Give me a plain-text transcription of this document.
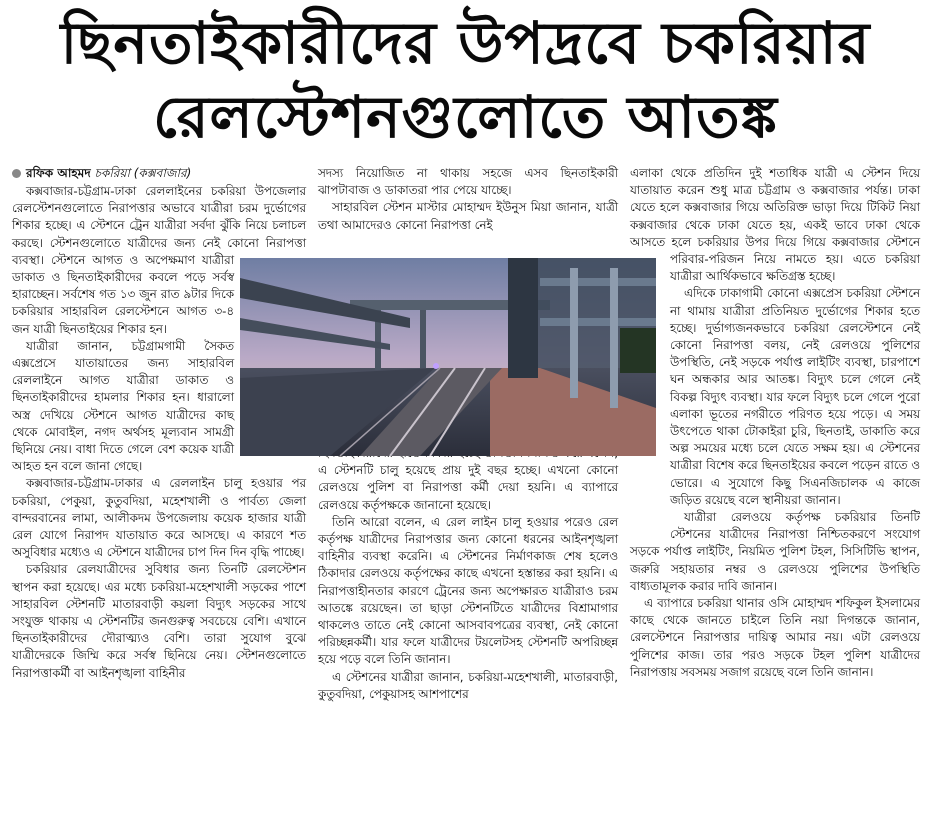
ছিনতাইকারীদের উপদ্রবে চকরিয়ার
রেলস্টেশনগুলোতে আতঙ্ক
রফিক আহমদ চকরিয়া (কক্সবাজার)

কক্সবাজার-চট্টগ্রাম-ঢাকা রেললাইনের চকরিয়া উপজেলার রেলস্টেশনগুলোতে নিরাপত্তার অভাবে যাত্রীরা চরম দুর্ভোগের শিকার হচ্ছে। এ স্টেশনে ট্রেন যাত্রীরা সর্বদা ঝুঁকি নিয়ে চলাচল করছে। স্টেশনগুলোতে যাত্রীদের জন্য নেই কোনো নিরাপত্তা ব্যবস্থা। স্টেশনে আগত ও অপেক্ষমাণ যাত্রীরা ডাকাত ও ছিনতাইকারীদের কবলে পড়ে সর্বস্ব হারাচ্ছেন। সর্বশেষ গত ১৩ জুন রাত ৯টার দিকে চকরিয়ার সাহারবিল রেলস্টেশনে আগত ৩-৪ জন যাত্রী ছিনতাইয়ের শিকার হন।

যাত্রীরা জানান, চট্টগ্রামগামী সৈকত এক্সপ্রেসে যাতায়াতের জন্য সাহারবিল রেললাইনে আগত যাত্রীরা ডাকাত ও ছিনতাইকারীদের হামলার শিকার হন। ধারালো অস্ত্র দেখিয়ে স্টেশনে আগত যাত্রীদের কাছ থেকে মোবাইল, নগদ অর্থসহ মূল্যবান সামগ্রী ছিনিয়ে নেয়। বাধা দিতে গেলে বেশ কয়েক যাত্রী আহত হন বলে জানা গেছে।

কক্সবাজার-চট্টগ্রাম-ঢাকার এ রেললাইন চালু হওয়ার পর চকরিয়া, পেকুয়া, কুতুবদিয়া, মহেশখালী ও পার্বত্য জেলা বান্দরবানের লামা, আলীকদম উপজেলায় কয়েক হাজার যাত্রী রেল যোগে নিরাপদ যাতায়াত করে আসছে। এ কারণে শত অসুবিধার মধ্যেও এ স্টেশনে যাত্রীদের চাপ দিন দিন বৃদ্ধি পাচ্ছে।

চকরিয়ার রেলযাত্রীদের সুবিধার জন্য তিনটি রেলস্টেশন স্থাপন করা হয়েছে। এর মধ্যে চকরিয়া-মহেশখালী সড়কের পাশে সাহারবিল স্টেশনটি মাতারবাড়ী কয়লা বিদ্যুৎ সড়কের সাথে সংযুক্ত থাকায় এ স্টেশনটির জনগুরুত্ব সবচেয়ে বেশি। এখানে ছিনতাইকারীদের দৌরাত্ম্যও বেশি। তারা সুযোগ বুঝে যাত্রীদেরকে জিম্মি করে সর্বস্ব ছিনিয়ে নেয়। স্টেশনগুলোতে নিরাপত্তাকর্মী বা আইনশৃঙ্খলা বাহিনীর

সদস্য নিয়োজিত না থাকায় সহজে এসব ছিনতাইকারী ঝাপটাবাজ ও ডাকাতরা পার পেয়ে যাচ্ছে।

সাহারবিল স্টেশন মাস্টার মোহাম্মদ ইউনুস মিয়া জানান, যাত্রী তথা আমাদেরও কোনো নিরাপত্তা নেই

এ স্টেশনটি চালু হয়েছে প্রায় দুই বছর হচ্ছে। এখনো কোনো রেলওয়ে পুলিশ বা নিরাপত্তা কর্মী দেয়া হয়নি। এ ব্যাপারে রেলওয়ে কর্তৃপক্ষকে জানানো হয়েছে।

তিনি আরো বলেন, এ রেল লাইন চালু হওয়ার পরেও রেল কর্তৃপক্ষ যাত্রীদের নিরাপত্তার জন্য কোনো ধরনের আইনশৃঙ্খলা বাহিনীর ব্যবস্থা করেনি। এ স্টেশনের নির্মাণকাজ শেষ হলেও ঠিকাদার রেলওয়ে কর্তৃপক্ষের কাছে এখনো হস্তান্তর করা হয়নি। এ নিরাপত্তাহীনতার কারণে ট্রেনের জন্য অপেক্ষারত যাত্রীরাও চরম আতঙ্কে রয়েছেন। তা ছাড়া স্টেশনটিতে যাত্রীদের বিশ্রামাগার থাকলেও তাতে নেই কোনো আসবাবপত্রের ব্যবস্থা, নেই কোনো পরিচ্ছন্নকর্মী। যার ফলে যাত্রীদের টয়লেটসহ স্টেশনটি অপরিচ্ছন্ন হয়ে পড়ে বলে তিনি জানান।

এ স্টেশনের যাত্রীরা জানান, চকরিয়া-মহেশখালী, মাতারবাড়ী, কুতুবদিয়া, পেকুয়াসহ আশপাশের

এলাকা থেকে প্রতিদিন দুই শতাধিক যাত্রী এ স্টেশন দিয়ে যাতায়াত করেন শুধু মাত্র চট্টগ্রাম ও কক্সবাজার পর্যন্ত। ঢাকা যেতে হলে কক্সবাজার গিয়ে অতিরিক্ত ভাড়া দিয়ে টিকিট নিয়া কক্সবাজার থেকে ঢাকা যেতে হয়, একই ভাবে ঢাকা থেকে আসতে হলে চকরিয়ার উপর দিয়ে গিয়ে কক্সবাজার স্টেশনে পরিবার-পরিজন নিয়ে নামতে হয়। এতে চকরিয়া যাত্রীরা আর্থিকভাবে ক্ষতিগ্রস্ত হচ্ছে।

এদিকে ঢাকাগামী কোনো এক্সপ্রেস চকরিয়া স্টেশনে না থামায় যাত্রীরা প্রতিনিয়ত দুর্ভোগের শিকার হতে হচ্ছে। দুর্ভাগ্যজনকভাবে চকরিয়া রেলস্টেশনে নেই কোনো নিরাপত্তা বলয়, নেই রেলওয়ে পুলিশের উপস্থিতি, নেই সড়কে পর্যাপ্ত লাইটিং ব্যবস্থা, চারপাশে ঘন অন্ধকার আর আতঙ্ক। বিদ্যুৎ চলে গেলে নেই বিকল্প বিদ্যুৎ ব্যবস্থা। যার ফলে বিদ্যুৎ চলে গেলে পুরো এলাকা ভূতের নগরীতে পরিণত হয়ে পড়ে। এ সময় উৎপেতে থাকা টোকাইরা চুরি, ছিনতাই, ডাকাতি করে অল্প সময়ের মধ্যে চলে যেতে সক্ষম হয়। এ স্টেশনের যাত্রীরা বিশেষ করে ছিনতাইয়ের কবলে পড়েন রাতে ও ভোরে। এ সুযোগে কিছু সিএনজিচালক এ কাজে জড়িত রয়েছে বলে স্থানীয়রা জানান।

যাত্রীরা রেলওয়ে কর্তৃপক্ষ চকরিয়ার তিনটি স্টেশনের যাত্রীদের নিরাপত্তা নিশ্চিতকরণে সংযোগ সড়কে পর্যাপ্ত লাইটিং, নিয়মিত পুলিশ টহল, সিসিটিভি স্থাপন, জরুরি সহায়তার নম্বর ও রেলওয়ে পুলিশের উপস্থিতি বাধ্যতামূলক করার দাবি জানান।

এ ব্যাপারে চকরিয়া থানার ওসি মোহাম্মদ শফিকুল ইসলামের কাছে থেকে জানতে চাইলে তিনি নয়া দিগন্তকে জানান, রেলস্টেশনে নিরাপত্তার দায়িত্ব আমার নয়। এটা রেলওয়ে পুলিশের কাজ। তার পরও সড়কে টহল পুলিশ যাত্রীদের নিরাপত্তায় সবসময় সজাগ রয়েছে বলে তিনি জানান।
